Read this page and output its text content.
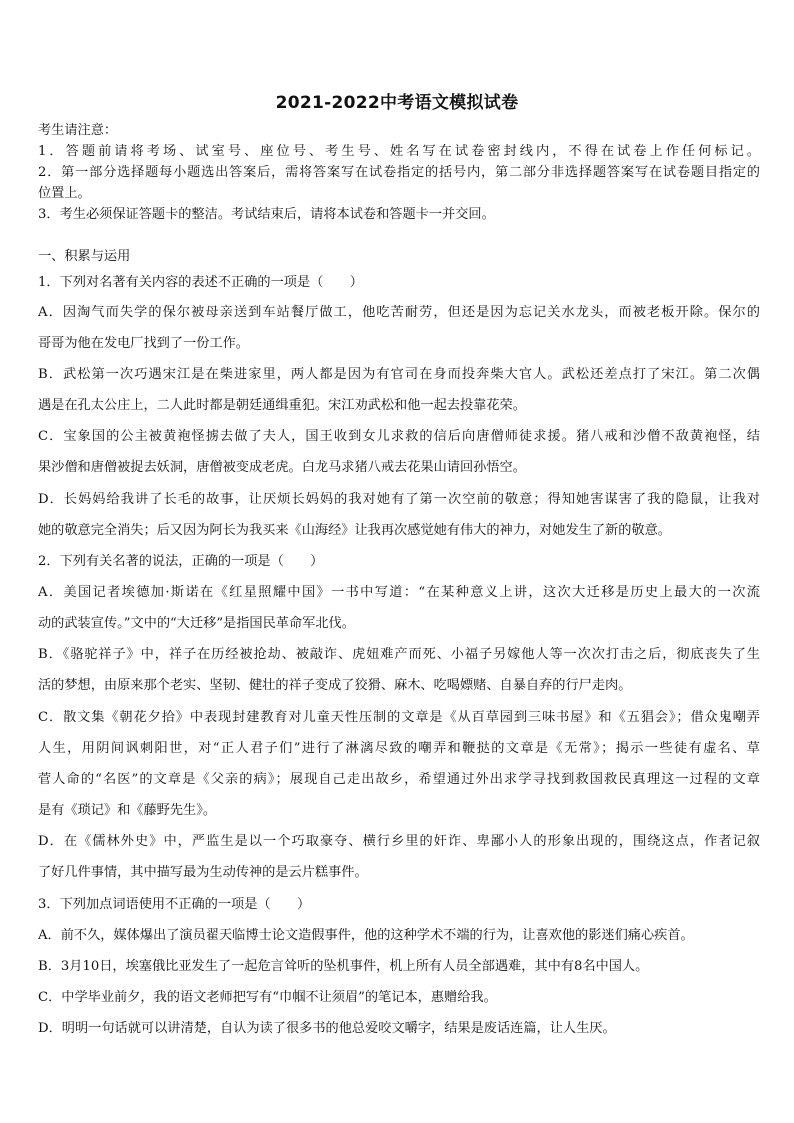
2021-2022中考语文模拟试卷
考生请注意：
1．答题前请将考场、试室号、座位号、考生号、姓名写在试卷密封线内，不得在试卷上作任何标记。
2．第一部分选择题每小题选出答案后，需将答案写在试卷指定的括号内，第二部分非选择题答案写在试卷题目指定的
位置上。
3．考生必须保证答题卡的整洁。考试结束后，请将本试卷和答题卡一并交回。
一、积累与运用
1．下列对名著有关内容的表述不正确的一项是（　　）
A．因淘气而失学的保尔被母亲送到车站餐厅做工，他吃苦耐劳，但还是因为忘记关水龙头，而被老板开除。保尔的
哥哥为他在发电厂找到了一份工作。
B．武松第一次巧遇宋江是在柴进家里，两人都是因为有官司在身而投奔柴大官人。武松还差点打了宋江。第二次偶
遇是在孔太公庄上，二人此时都是朝廷通缉重犯。宋江劝武松和他一起去投靠花荣。
C．宝象国的公主被黄袍怪掳去做了夫人，国王收到女儿求救的信后向唐僧师徒求援。猪八戒和沙僧不敌黄袍怪，结
果沙僧和唐僧被捉去妖洞，唐僧被变成老虎。白龙马求猪八戒去花果山请回孙悟空。
D．长妈妈给我讲了长毛的故事，让厌烦长妈妈的我对她有了第一次空前的敬意；得知她害谋害了我的隐鼠，让我对
她的敬意完全消失；后又因为阿长为我买来《山海经》让我再次感觉她有伟大的神力，对她发生了新的敬意。
2．下列有关名著的说法，正确的一项是（　　）
A．美国记者埃德加·斯诺在《红星照耀中国》一书中写道：“在某种意义上讲，这次大迁移是历史上最大的一次流
动的武装宣传。”文中的“大迁移”是指国民革命军北伐。
B．《骆驼祥子》中，祥子在历经被抢劫、被敲诈、虎妞难产而死、小福子另嫁他人等一次次打击之后，彻底丧失了生
活的梦想，由原来那个老实、坚韧、健壮的祥子变成了狡猾、麻木、吃喝嫖赌、自暴自弃的行尸走肉。
C．散文集《朝花夕拾》中表现封建教育对儿童天性压制的文章是《从百草园到三味书屋》和《五猖会》；借众鬼嘲弄
人生，用阴间讽刺阳世，对“正人君子们”进行了淋漓尽致的嘲弄和鞭挞的文章是《无常》；揭示一些徒有虚名、草
菅人命的“名医”的文章是《父亲的病》；展现自己走出故乡，希望通过外出求学寻找到救国救民真理这一过程的文章
是有《琐记》和《藤野先生》。
D．在《儒林外史》中，严监生是以一个巧取豪夺、横行乡里的奸诈、卑鄙小人的形象出现的，围绕这点，作者记叙
了好几件事情，其中描写最为生动传神的是云片糕事件。
3．下列加点词语使用不正确的一项是（　　）
A．前不久，媒体爆出了演员翟天临博士论文造假事件，他的这种学术不端的行为，让喜欢他的影迷们痛心疾首。
B．3月10日，埃塞俄比亚发生了一起危言耸听的坠机事件，机上所有人员全部遇难，其中有8名中国人。
C．中学毕业前夕，我的语文老师把写有“巾帼不让须眉”的笔记本，惠赠给我。
D．明明一句话就可以讲清楚，自认为读了很多书的他总爱咬文嚼字，结果是废话连篇，让人生厌。
